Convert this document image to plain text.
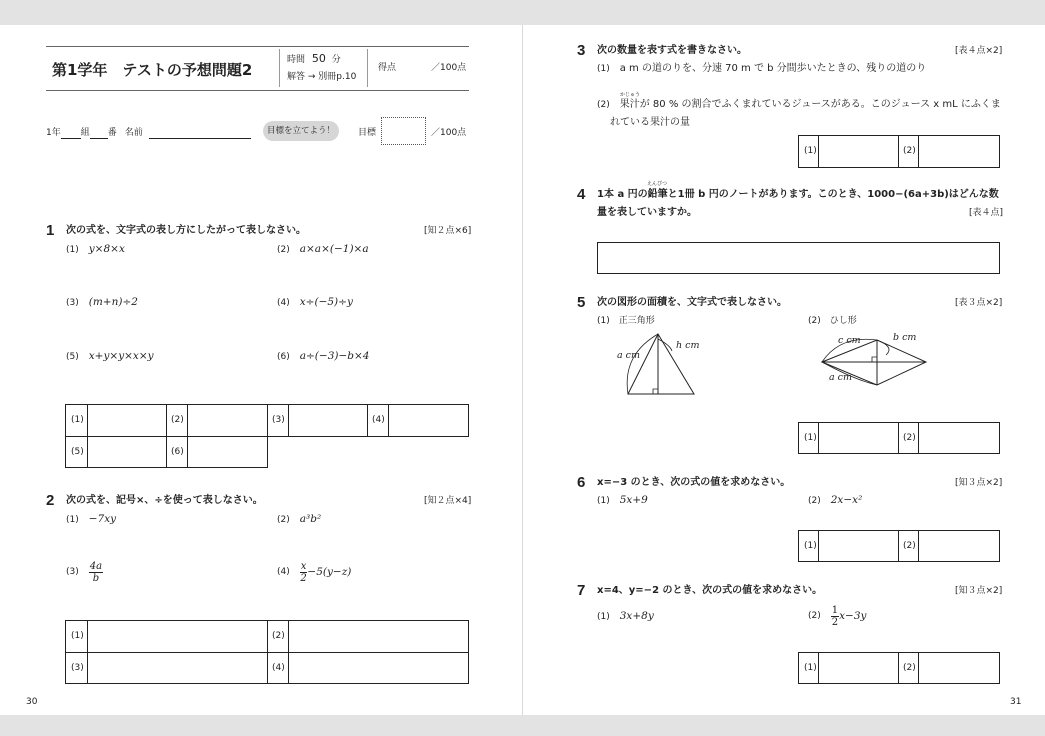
第1学年　テストの予想問題2
時間 50 分
解答 → 別冊p.10
得点	／100点
1年 組 番 名前	目標を立てよう！	目標	／100点
1 次の式を、文字式の表し方にしたがって表しなさい。	[知２点×6]
(1) y×8×x	(2) a×a×(−1)×a
(3) (m+n)÷2	(4) x÷(−5)÷y
(5) x+y×y×x×y	(6) a÷(−3)−b×4
(1)	(2)	(3)	(4)
(5)	(6)
2 次の式を、記号×、÷を使って表しなさい。	[知２点×4]
(1) −7xy	(2) a³b²
$(3) \frac{4a}{b}$	$(4) \frac{x}{2} -5(y-z)$
(1)	(2)
(3)	(4)
30
3 次の数量を表す式を書きなさい。	[表４点×2]
(1) a m の道のりを、分速 70 m で b 分間歩いたときの、残りの道のり
かじゅう
(2) 果汁が 80 % の割合でふくまれているジュースがある。このジュース x mL にふくま
れている果汁の量
(1)	(2)
4
えんぴつ
1本 a 円の鉛筆と1冊 b 円のノートがあります。このとき、1000−(6a+3b)はどんな数
量を表していますか。	[表４点]
5 次の図形の面積を、文字式で表しなさい。	[表３点×2]
(1)　正三角形	(2)　ひし形
h cm
a cm
c cm	b cm
a cm
(1)	(2)
6 x=−3 のとき、次の式の値を求めなさい。	[知３点×2]
(1) 5x+9	(2) 2x−x²
(1)	(2)
7 x=4、y=−2 のとき、次の式の値を求めなさい。	[知３点×2]
(1) 3x+8y	$(2) \frac{1}{2} x-3y$
(1)	(2)
31
